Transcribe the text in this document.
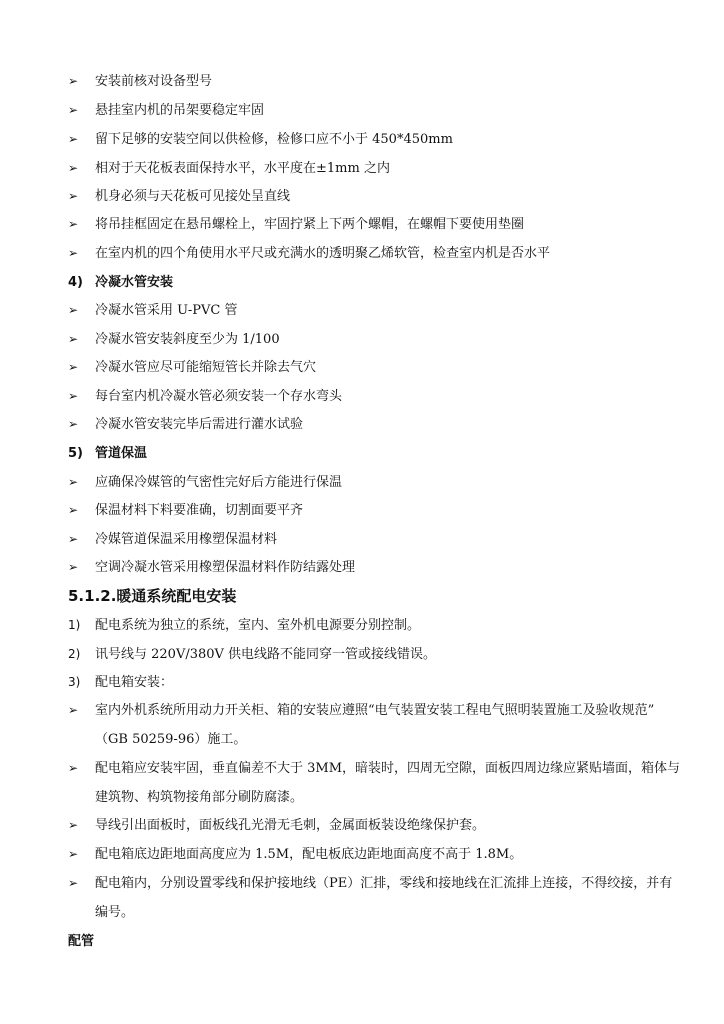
➢ 安装前核对设备型号
➢ 悬挂室内机的吊架要稳定牢固
➢ 留下足够的安装空间以供检修，检修口应不小于 450*450mm
➢ 相对于天花板表面保持水平，水平度在±1mm 之内
➢ 机身必须与天花板可见接处呈直线
➢ 将吊挂框固定在悬吊螺栓上，牢固拧紧上下两个螺帽，在螺帽下要使用垫圈
➢ 在室内机的四个角使用水平尺或充满水的透明聚乙烯软管，检查室内机是否水平
4) 冷凝水管安装
➢ 冷凝水管采用 U-PVC 管
➢ 冷凝水管安装斜度至少为 1/100
➢ 冷凝水管应尽可能缩短管长并除去气穴
➢ 每台室内机冷凝水管必须安装一个存水弯头
➢ 冷凝水管安装完毕后需进行灌水试验
5) 管道保温
➢ 应确保冷媒管的气密性完好后方能进行保温
➢ 保温材料下料要准确，切割面要平齐
➢ 冷媒管道保温采用橡塑保温材料
➢ 空调冷凝水管采用橡塑保温材料作防结露处理
5.1.2.暖通系统配电安装
1) 配电系统为独立的系统，室内、室外机电源要分别控制。
2) 讯号线与 220V/380V 供电线路不能同穿一管或接线错误。
3) 配电箱安装：
➢ 室内外机系统所用动力开关柜、箱的安装应遵照“电气装置安装工程电气照明装置施工及验收规范”
（GB 50259-96）施工。
➢ 配电箱应安装牢固，垂直偏差不大于 3MM，暗装时，四周无空隙，面板四周边缘应紧贴墙面，箱体与
建筑物、构筑物接角部分刷防腐漆。
➢ 导线引出面板时，面板线孔光滑无毛刺，金属面板装设绝缘保护套。
➢ 配电箱底边距地面高度应为 1.5M，配电板底边距地面高度不高于 1.8M。
➢ 配电箱内，分别设置零线和保护接地线（PE）汇排，零线和接地线在汇流排上连接，不得绞接，并有
编号。
配管
